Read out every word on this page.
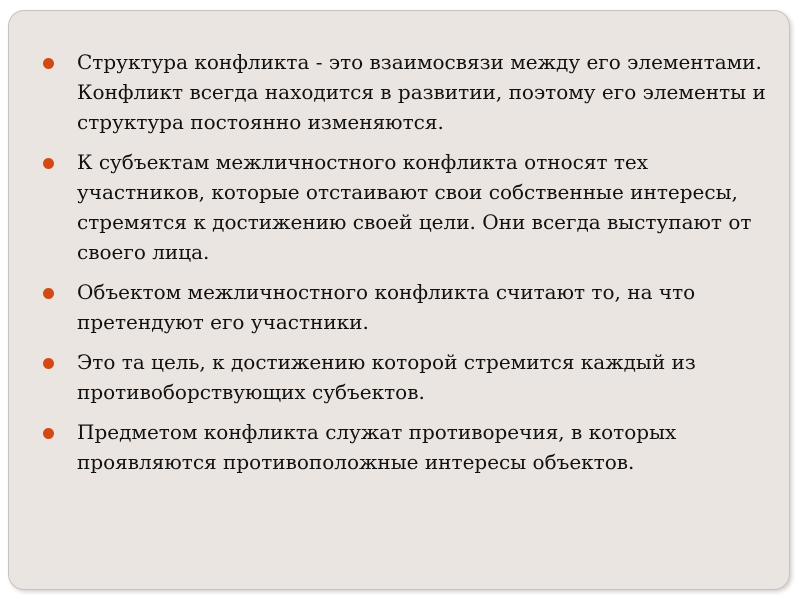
Структура конфликта - это взаимосвязи между его элементами. Конфликт всегда находится в развитии, поэтому его элементы и структура постоянно изменяются.
К субъектам межличностного конфликта относят тех участников, которые отстаивают свои собственные интересы, стремятся к достижению своей цели. Они всегда выступают от своего лица.
Объектом межличностного конфликта считают то, на что претендуют его участники.
Это та цель, к достижению которой стремится каждый из противоборствующих субъектов.
Предметом конфликта служат противоречия, в которых проявляются противоположные интересы объектов.
